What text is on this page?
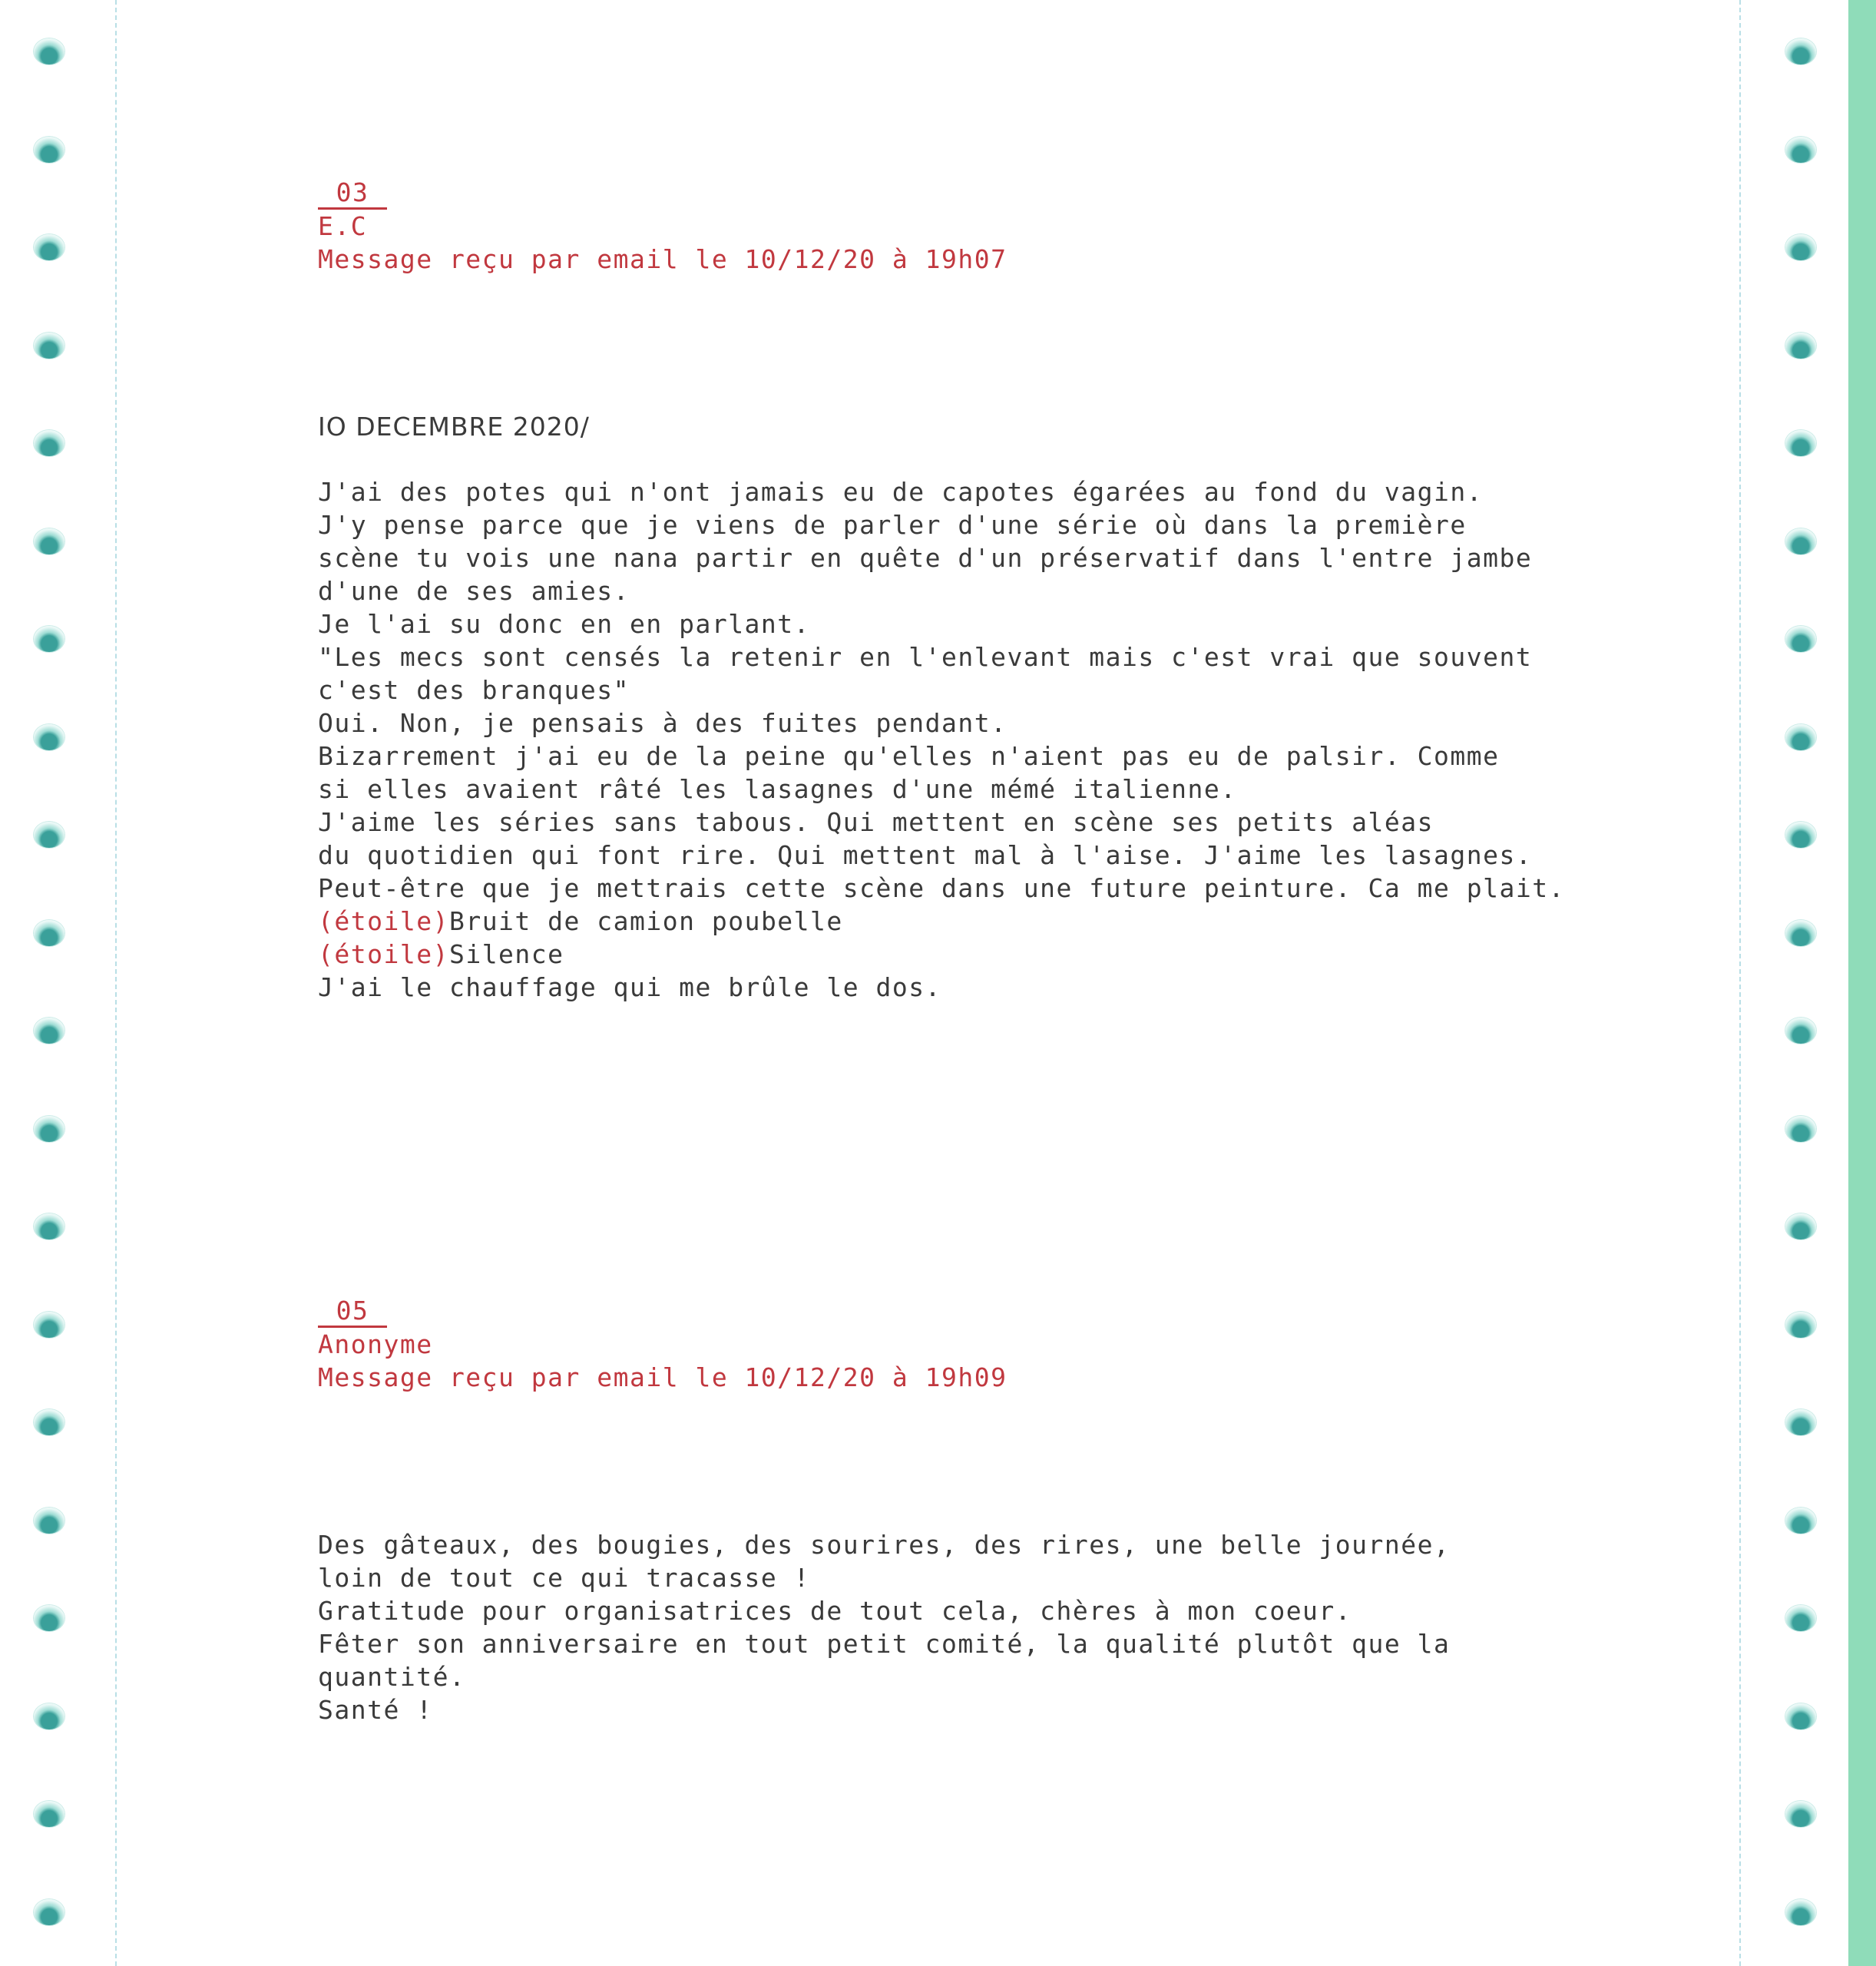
03
E.C
Message reçu par email le 10/12/20 à 19h07
IO DECEMBRE 2020/
J'ai des potes qui n'ont jamais eu de capotes égarées au fond du vagin.
J'y pense parce que je viens de parler d'une série où dans la première
scène tu vois une nana partir en quête d'un préservatif dans l'entre jambe
d'une de ses amies.
Je l'ai su donc en en parlant.
"Les mecs sont censés la retenir en l'enlevant mais c'est vrai que souvent
c'est des branques"
Oui. Non, je pensais à des fuites pendant.
Bizarrement j'ai eu de la peine qu'elles n'aient pas eu de palsir. Comme
si elles avaient râté les lasagnes d'une mémé italienne.
J'aime les séries sans tabous. Qui mettent en scène ses petits aléas
du quotidien qui font rire. Qui mettent mal à l'aise. J'aime les lasagnes.
Peut-être que je mettrais cette scène dans une future peinture. Ca me plait.
(étoile)Bruit de camion poubelle
(étoile)Silence
J'ai le chauffage qui me brûle le dos.
05
Anonyme
Message reçu par email le 10/12/20 à 19h09
Des gâteaux, des bougies, des sourires, des rires, une belle journée,
loin de tout ce qui tracasse !
Gratitude pour organisatrices de tout cela, chères à mon coeur.
Fêter son anniversaire en tout petit comité, la qualité plutôt que la
quantité.
Santé !
